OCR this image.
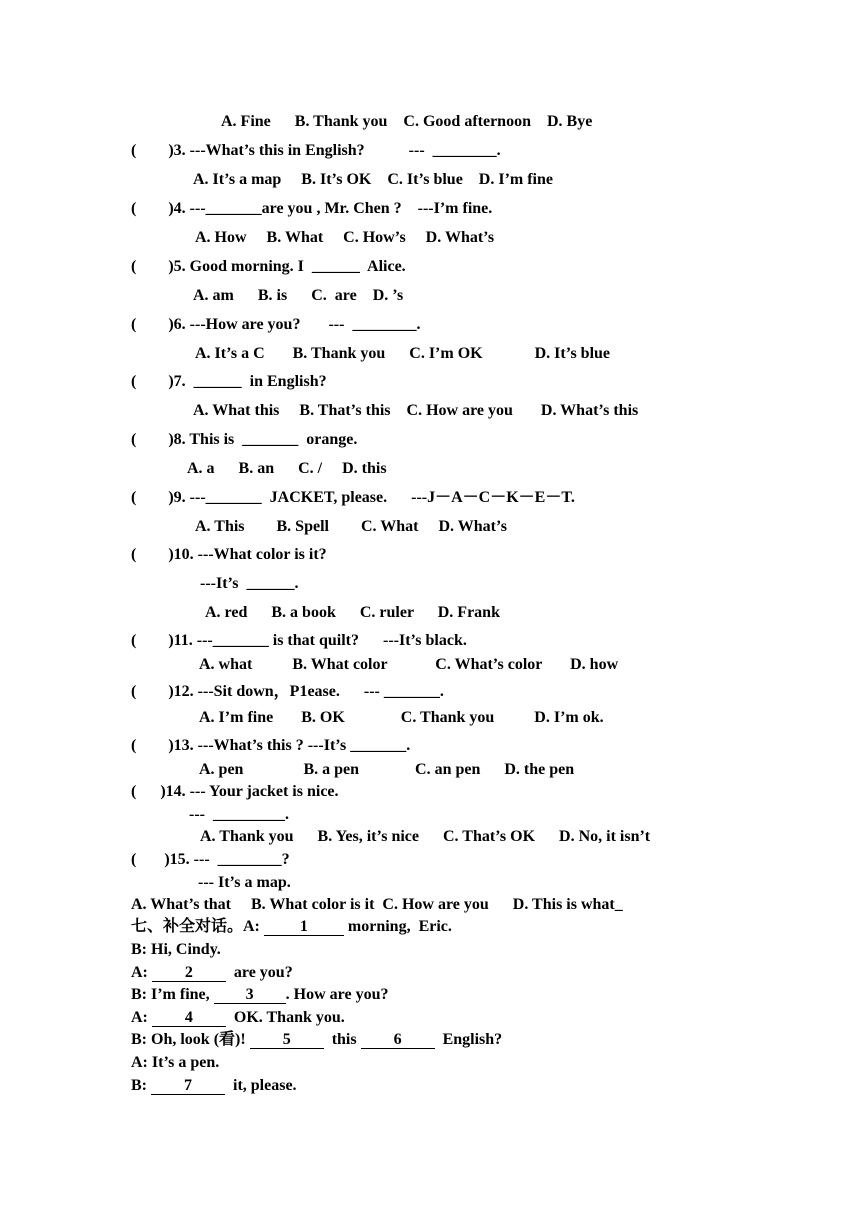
A. Fine      B. Thank you    C. Good afternoon    D. Bye
(        )3. ---What’s this in English?           ---  ________.
A. It’s a map     B. It’s OK    C. It’s blue    D. I’m fine
(        )4. ---_______are you , Mr. Chen ?    ---I’m fine.
A. How     B. What     C. How’s     D. What’s
(        )5. Good morning. I  ______  Alice.
A. am      B. is      C.  are    D. ’s
(        )6. ---How are you?       ---  ________.
A. It’s a C       B. Thank you      C. I’m OK             D. It’s blue
(        )7.  ______  in English?
A. What this     B. That’s this    C. How are you       D. What’s this
(        )8. This is  _______  orange.
A. a      B. an      C. /     D. this
(        )9. ---_______  JACKET, please.      ---J－A－C－K－E－T.
A. This        B. Spell        C. What     D. What’s
(        )10. ---What color is it?
---It’s  ______.
A. red      B. a book      C. ruler      D. Frank
(        )11. ---_______ is that quilt?      ---It’s black.
A. what          B. What color            C. What’s color       D. how
(        )12. ---Sit down，P1ease.      --- _______.
A. I’m fine       B. OK              C. Thank you          D. I’m ok.
(        )13. ---What’s this ? ---It’s _______.
A. pen               B. a pen              C. an pen      D. the pen
(      )14. --- Your jacket is nice.
---  _________.
A. Thank you      B. Yes, it’s nice      C. That’s OK      D. No, it isn’t
(       )15. ---  ________?
--- It’s a map.
A. What’s that     B. What color is it  C. How are you      D. This is what_
七、补全对话。A:	1 morning,  Eric.
B: Hi, Cindy.
A: 2  are you?
B: I’m fine, 3 . How are you?
A: 4  OK. Thank you.
B: Oh, look (看)! 5  this 6  English?
A: It’s a pen.
B: 7  it, please.
